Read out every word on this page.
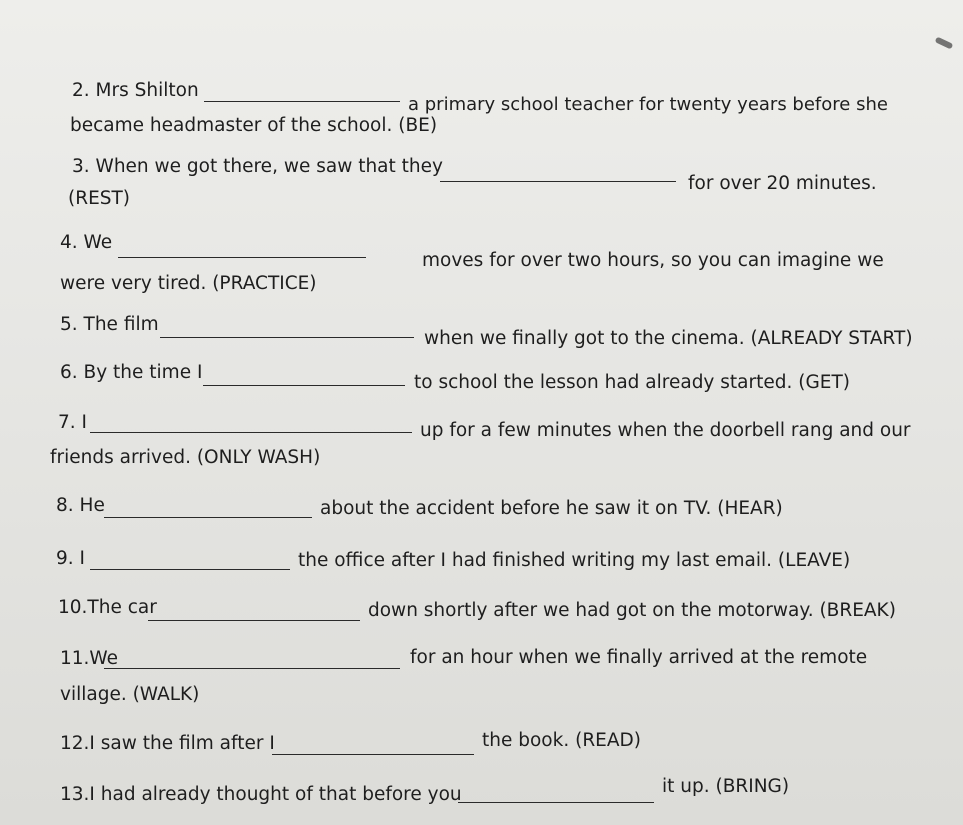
2. Mrs Shilton
a primary school teacher for twenty years before she
became headmaster of the school. (BE)
3. When we got there, we saw that they
for over 20 minutes.
(REST)
4. We
moves for over two hours, so you can imagine we
were very tired. (PRACTICE)
5. The film
when we finally got to the cinema. (ALREADY START)
6. By the time I	to school the lesson had already started. (GET)
7. I	up for a few minutes when the doorbell rang and our
friends arrived. (ONLY WASH)
8. He	about the accident before he saw it on TV. (HEAR)
9. I	the office after I had finished writing my last email. (LEAVE)
10.The car	down shortly after we had got on the motorway. (BREAK)
11.We	for an hour when we finally arrived at the remote
village. (WALK)
12.I saw the film after I	the book. (READ)
13.I had already thought of that before you	it up. (BRING)
